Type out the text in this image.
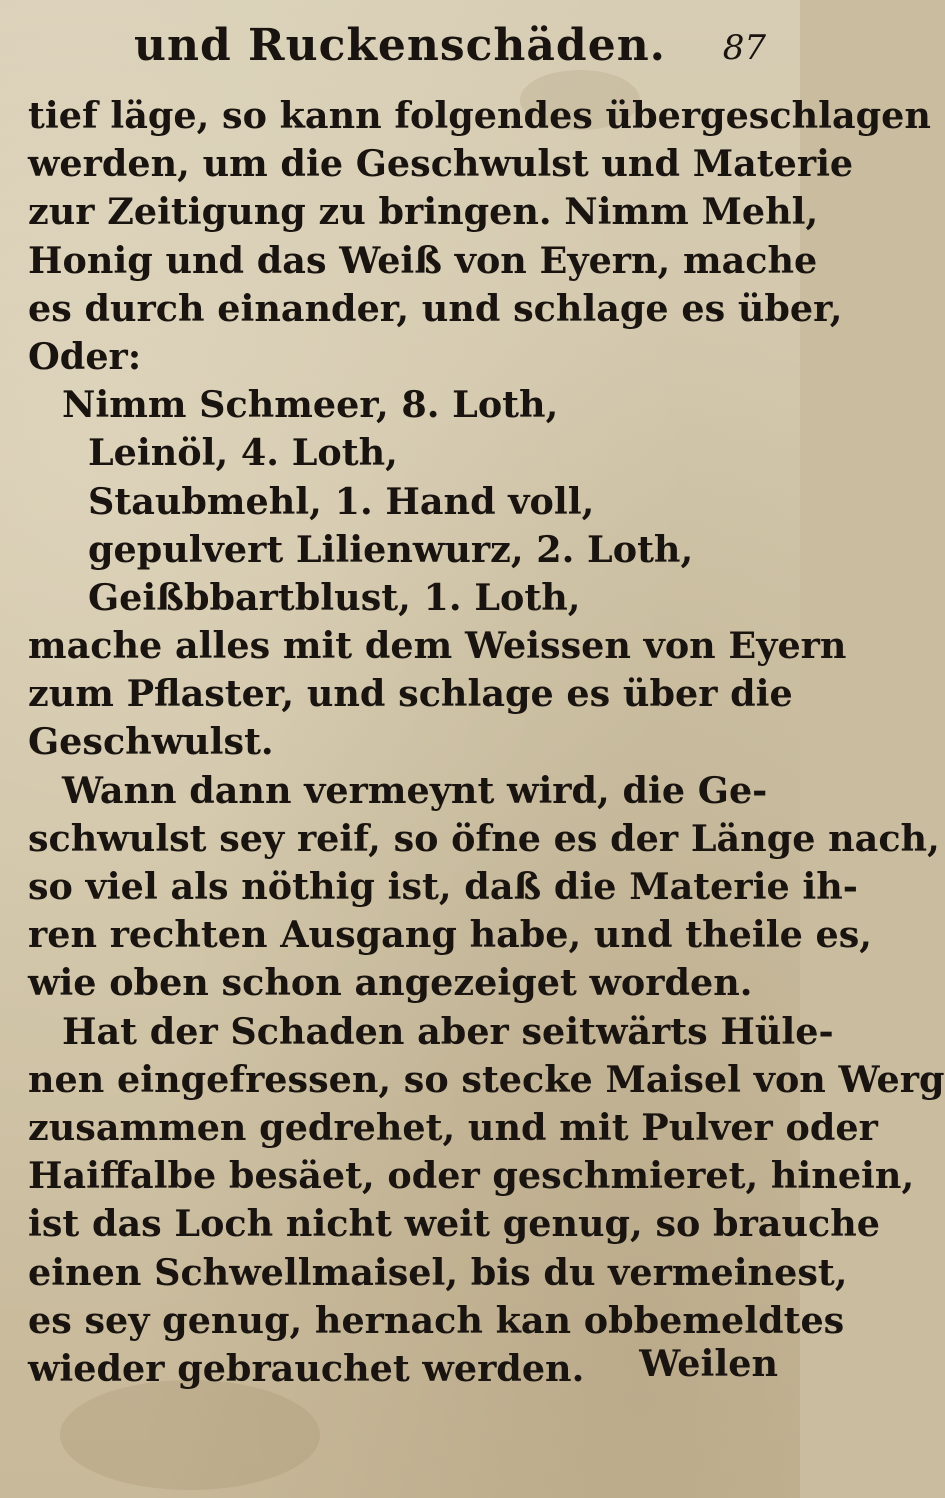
und Ruckenschäden.	87
tief läge, so kann folgendes übergeschlagen
werden, um die Geschwulst und Materie
zur Zeitigung zu bringen. Nimm Mehl,
Honig und das Weiß von Eyern, mache
es durch einander, und schlage es über,
Oder:
Nimm Schmeer, 8. Loth,
Leinöl, 4. Loth,
Staubmehl, 1. Hand voll,
gepulvert Lilienwurz, 2. Loth,
Geißbbartblust, 1. Loth,
mache alles mit dem Weissen von Eyern
zum Pflaster, und schlage es über die
Geschwulst.
Wann dann vermeynt wird, die Ge-
schwulst sey reif, so öfne es der Länge nach,
so viel als nöthig ist, daß die Materie ih-
ren rechten Ausgang habe, und theile es,
wie oben schon angezeiget worden.
Hat der Schaden aber seitwärts Hüle-
nen eingefressen, so stecke Maisel von Werg
zusammen gedrehet, und mit Pulver oder
Haiffalbe besäet, oder geschmieret, hinein,
ist das Loch nicht weit genug, so brauche
einen Schwellmaisel, bis du vermeinest,
es sey genug, hernach kan obbemeldtes
wieder gebrauchet werden.	Weilen
